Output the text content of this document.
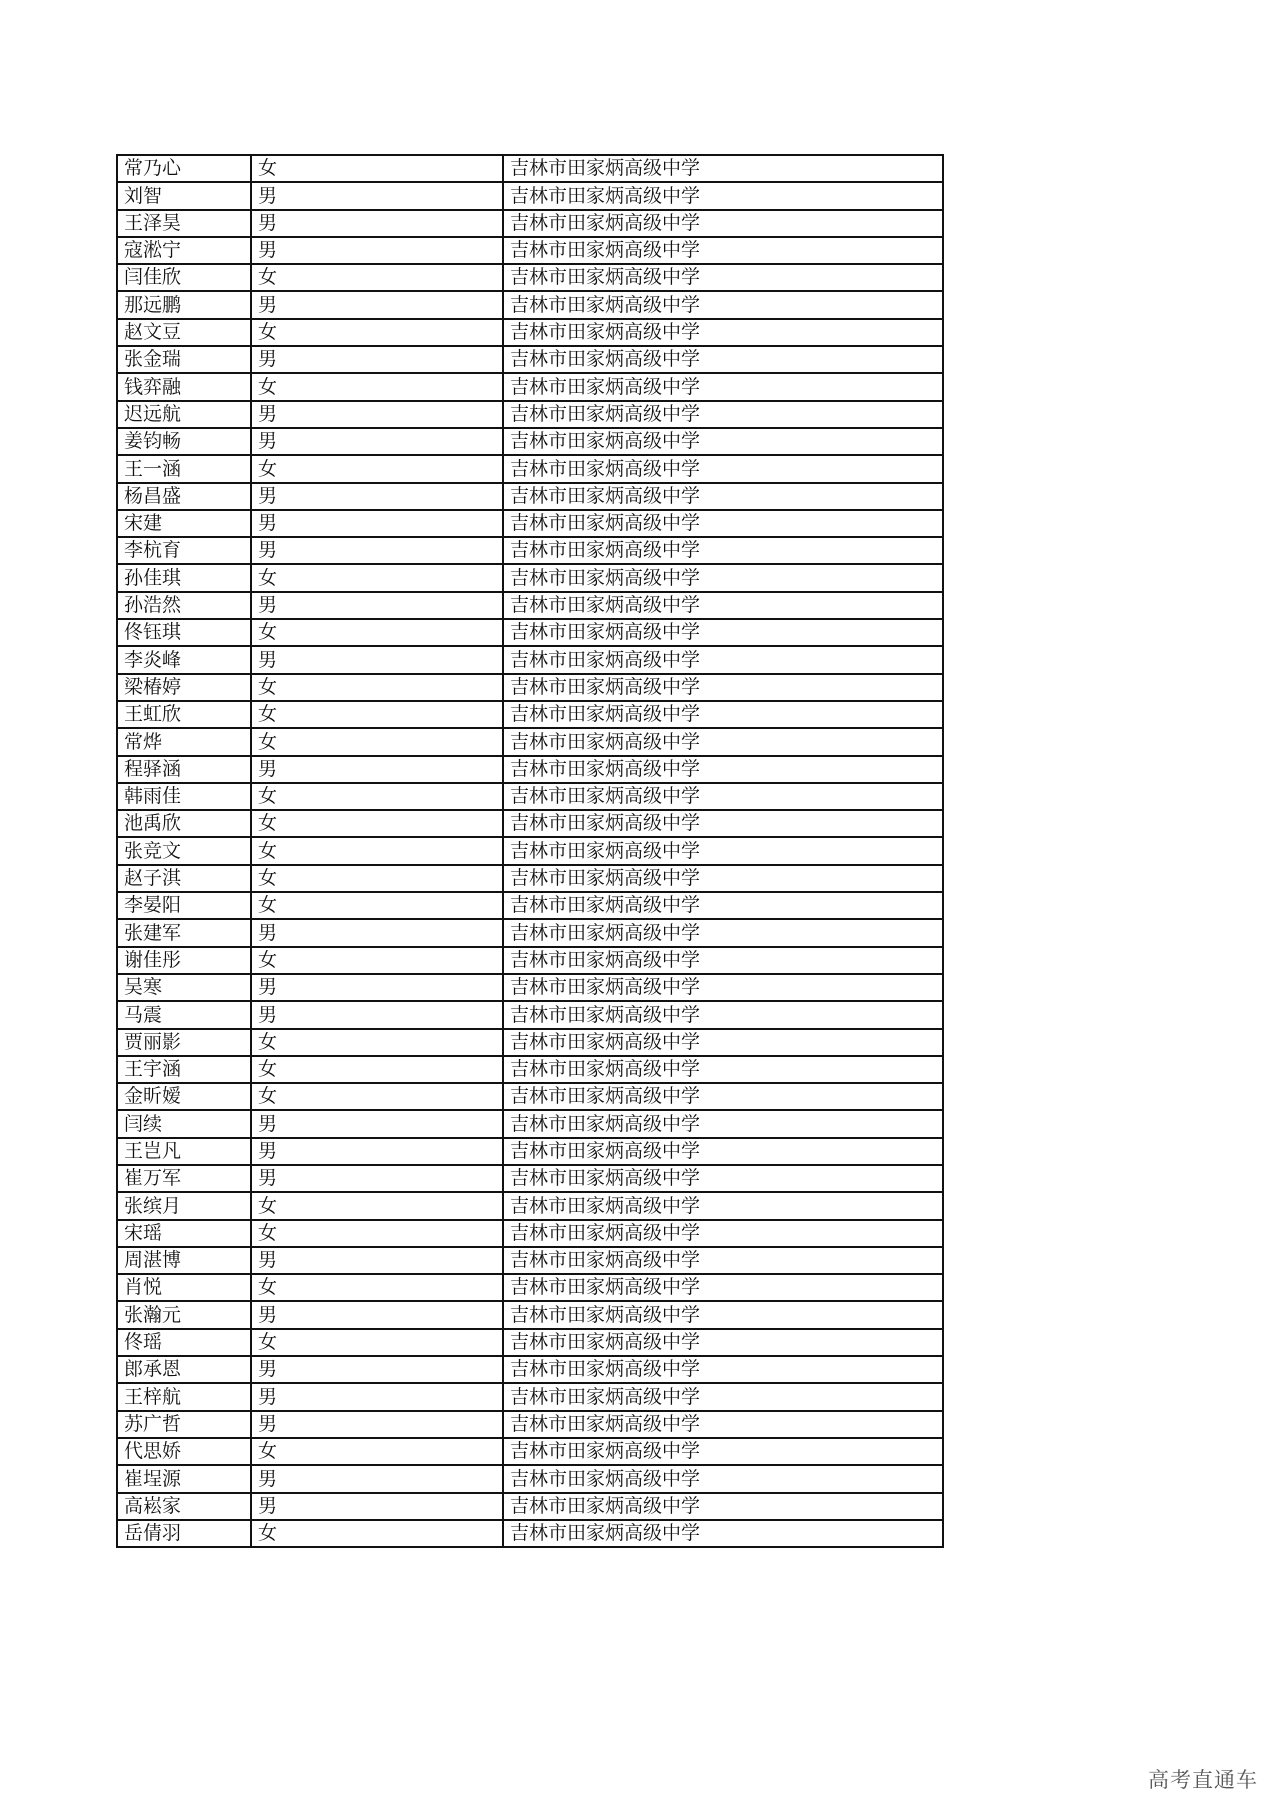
常乃心	女	吉林市田家炳高级中学
刘智	男	吉林市田家炳高级中学
王泽昊	男	吉林市田家炳高级中学
寇淞宁	男	吉林市田家炳高级中学
闫佳欣	女	吉林市田家炳高级中学
那远鹏	男	吉林市田家炳高级中学
赵文豆	女	吉林市田家炳高级中学
张金瑞	男	吉林市田家炳高级中学
钱弈融	女	吉林市田家炳高级中学
迟远航	男	吉林市田家炳高级中学
姜钧畅	男	吉林市田家炳高级中学
王一涵	女	吉林市田家炳高级中学
杨昌盛	男	吉林市田家炳高级中学
宋建	男	吉林市田家炳高级中学
李杭育	男	吉林市田家炳高级中学
孙佳琪	女	吉林市田家炳高级中学
孙浩然	男	吉林市田家炳高级中学
佟钰琪	女	吉林市田家炳高级中学
李炎峰	男	吉林市田家炳高级中学
梁椿婷	女	吉林市田家炳高级中学
王虹欣	女	吉林市田家炳高级中学
常烨	女	吉林市田家炳高级中学
程驿涵	男	吉林市田家炳高级中学
韩雨佳	女	吉林市田家炳高级中学
池禹欣	女	吉林市田家炳高级中学
张竞文	女	吉林市田家炳高级中学
赵子淇	女	吉林市田家炳高级中学
李晏阳	女	吉林市田家炳高级中学
张建军	男	吉林市田家炳高级中学
谢佳彤	女	吉林市田家炳高级中学
吴寒	男	吉林市田家炳高级中学
马震	男	吉林市田家炳高级中学
贾丽影	女	吉林市田家炳高级中学
王宇涵	女	吉林市田家炳高级中学
金昕嫒	女	吉林市田家炳高级中学
闫续	男	吉林市田家炳高级中学
王岂凡	男	吉林市田家炳高级中学
崔万军	男	吉林市田家炳高级中学
张缤月	女	吉林市田家炳高级中学
宋瑶	女	吉林市田家炳高级中学
周湛博	男	吉林市田家炳高级中学
肖悦	女	吉林市田家炳高级中学
张瀚元	男	吉林市田家炳高级中学
佟瑶	女	吉林市田家炳高级中学
郎承恩	男	吉林市田家炳高级中学
王梓航	男	吉林市田家炳高级中学
苏广哲	男	吉林市田家炳高级中学
代思娇	女	吉林市田家炳高级中学
崔埕源	男	吉林市田家炳高级中学
高崧家	男	吉林市田家炳高级中学
岳倩羽	女	吉林市田家炳高级中学
高考直通车
